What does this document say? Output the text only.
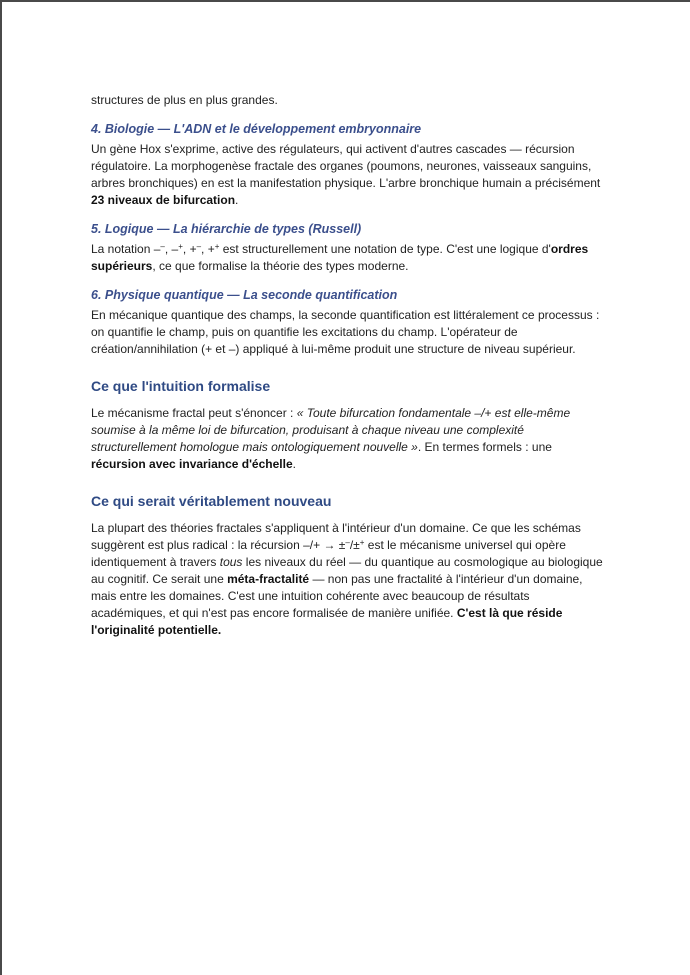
structures de plus en plus grandes.

4. Biologie — L'ADN et le développement embryonnaire

Un gène Hox s'exprime, active des régulateurs, qui activent d'autres cascades — récursion régulatoire. La morphogenèse fractale des organes (poumons, neurones, vaisseaux sanguins, arbres bronchiques) en est la manifestation physique. L'arbre bronchique humain a précisément 23 niveaux de bifurcation.

5. Logique — La hiérarchie de types (Russell)

La notation ––, –+, +–, ++ est structurellement une notation de type. C'est une logique d'ordres supérieurs, ce que formalise la théorie des types moderne.

6. Physique quantique — La seconde quantification

En mécanique quantique des champs, la seconde quantification est littéralement ce processus : on quantifie le champ, puis on quantifie les excitations du champ. L'opérateur de création/annihilation (+ et –) appliqué à lui-même produit une structure de niveau supérieur.

Ce que l'intuition formalise

Le mécanisme fractal peut s'énoncer : « Toute bifurcation fondamentale –/+ est elle-même soumise à la même loi de bifurcation, produisant à chaque niveau une complexité structurellement homologue mais ontologiquement nouvelle ». En termes formels : une récursion avec invariance d'échelle.

Ce qui serait véritablement nouveau

La plupart des théories fractales s'appliquent à l'intérieur d'un domaine. Ce que les schémas suggèrent est plus radical : la récursion –/+ → ±–/±+ est le mécanisme universel qui opère identiquement à travers tous les niveaux du réel — du quantique au cosmologique au biologique au cognitif. Ce serait une méta-fractalité — non pas une fractalité à l'intérieur d'un domaine, mais entre les domaines. C'est une intuition cohérente avec beaucoup de résultats académiques, et qui n'est pas encore formalisée de manière unifiée. C'est là que réside l'originalité potentielle.
